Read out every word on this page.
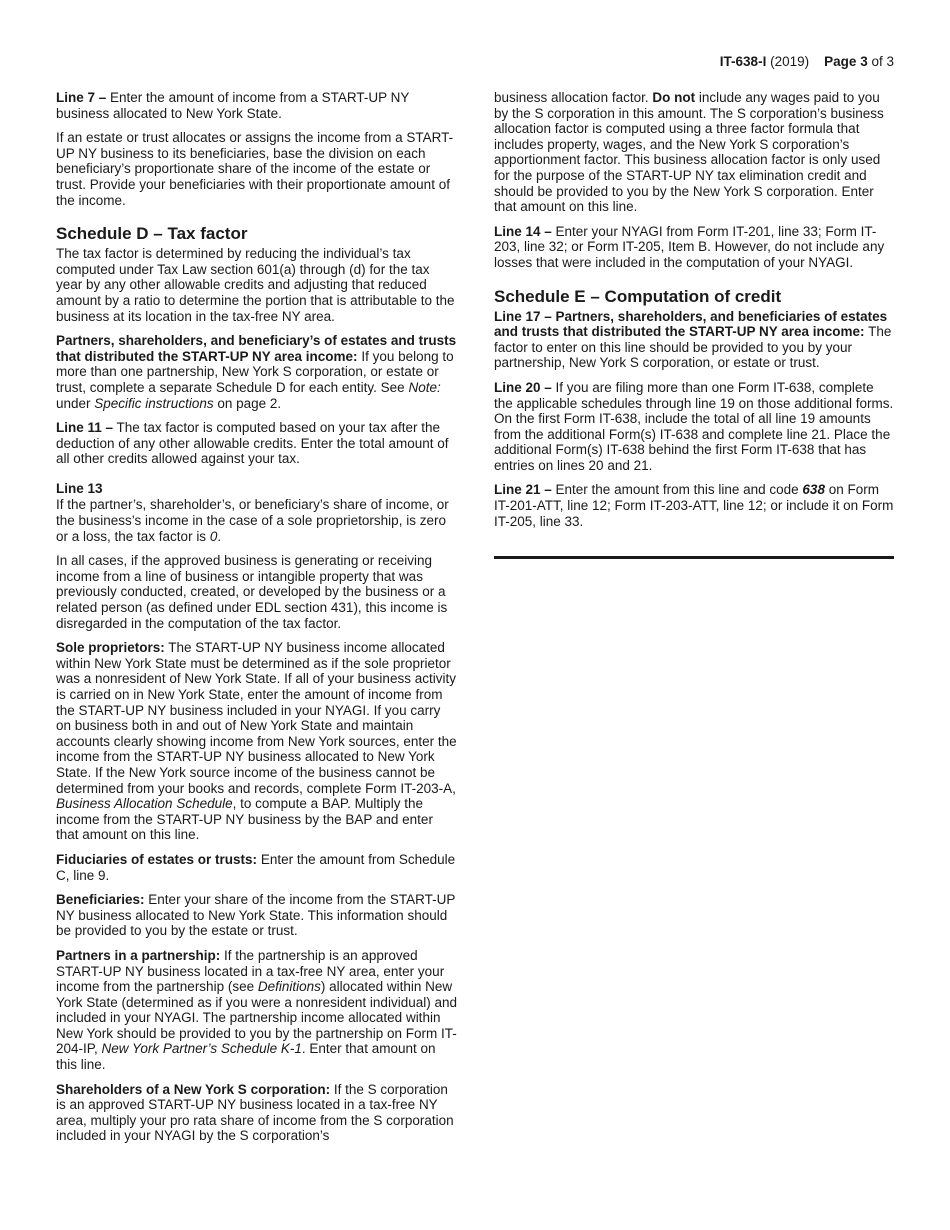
IT-638-I (2019) Page 3 of 3

Line 7 – Enter the amount of income from a START-UP NY business allocated to New York State.

If an estate or trust allocates or assigns the income from a START-UP NY business to its beneficiaries, base the division on each beneficiary’s proportionate share of the income of the estate or trust. Provide your beneficiaries with their proportionate amount of the income.

Schedule D – Tax factor

The tax factor is determined by reducing the individual’s tax computed under Tax Law section 601(a) through (d) for the tax year by any other allowable credits and adjusting that reduced amount by a ratio to determine the portion that is attributable to the business at its location in the tax-free NY area.

Partners, shareholders, and beneficiary’s of estates and trusts that distributed the START-UP NY area income: If you belong to more than one partnership, New York S corporation, or estate or trust, complete a separate Schedule D for each entity. See Note: under Specific instructions on page 2.

Line 11 – The tax factor is computed based on your tax after the deduction of any other allowable credits. Enter the total amount of all other credits allowed against your tax.

Line 13

If the partner’s, shareholder’s, or beneficiary’s share of income, or the business’s income in the case of a sole proprietorship, is zero or a loss, the tax factor is 0.

In all cases, if the approved business is generating or receiving income from a line of business or intangible property that was previously conducted, created, or developed by the business or a related person (as defined under EDL section 431), this income is disregarded in the computation of the tax factor.

Sole proprietors: The START-UP NY business income allocated within New York State must be determined as if the sole proprietor was a nonresident of New York State. If all of your business activity is carried on in New York State, enter the amount of income from the START-UP NY business included in your NYAGI. If you carry on business both in and out of New York State and maintain accounts clearly showing income from New York sources, enter the income from the START-UP NY business allocated to New York State. If the New York source income of the business cannot be determined from your books and records, complete Form IT-203-A, Business Allocation Schedule, to compute a BAP. Multiply the income from the START-UP NY business by the BAP and enter that amount on this line.

Fiduciaries of estates or trusts: Enter the amount from Schedule C, line 9.

Beneficiaries: Enter your share of the income from the START-UP NY business allocated to New York State. This information should be provided to you by the estate or trust.

Partners in a partnership: If the partnership is an approved START-UP NY business located in a tax-free NY area, enter your income from the partnership (see Definitions) allocated within New York State (determined as if you were a nonresident individual) and included in your NYAGI. The partnership income allocated within New York should be provided to you by the partnership on Form IT-204-IP, New York Partner’s Schedule K-1. Enter that amount on this line.

Shareholders of a New York S corporation: If the S corporation is an approved START-UP NY business located in a tax-free NY area, multiply your pro rata share of income from the S corporation included in your NYAGI by the S corporation’s

business allocation factor. Do not include any wages paid to you by the S corporation in this amount. The S corporation’s business allocation factor is computed using a three factor formula that includes property, wages, and the New York S corporation’s apportionment factor. This business allocation factor is only used for the purpose of the START-UP NY tax elimination credit and should be provided to you by the New York S corporation. Enter that amount on this line.

Line 14 – Enter your NYAGI from Form IT-201, line 33; Form IT-203, line 32; or Form IT-205, Item B. However, do not include any losses that were included in the computation of your NYAGI.

Schedule E – Computation of credit

Line 17 – Partners, shareholders, and beneficiaries of estates and trusts that distributed the START-UP NY area income: The factor to enter on this line should be provided to you by your partnership, New York S corporation, or estate or trust.

Line 20 – If you are filing more than one Form IT-638, complete the applicable schedules through line 19 on those additional forms. On the first Form IT-638, include the total of all line 19 amounts from the additional Form(s) IT-638 and complete line 21. Place the additional Form(s) IT-638 behind the first Form IT-638 that has entries on lines 20 and 21.

Line 21 – Enter the amount from this line and code 638 on Form IT-201-ATT, line 12; Form IT-203-ATT, line 12; or include it on Form IT-205, line 33.
